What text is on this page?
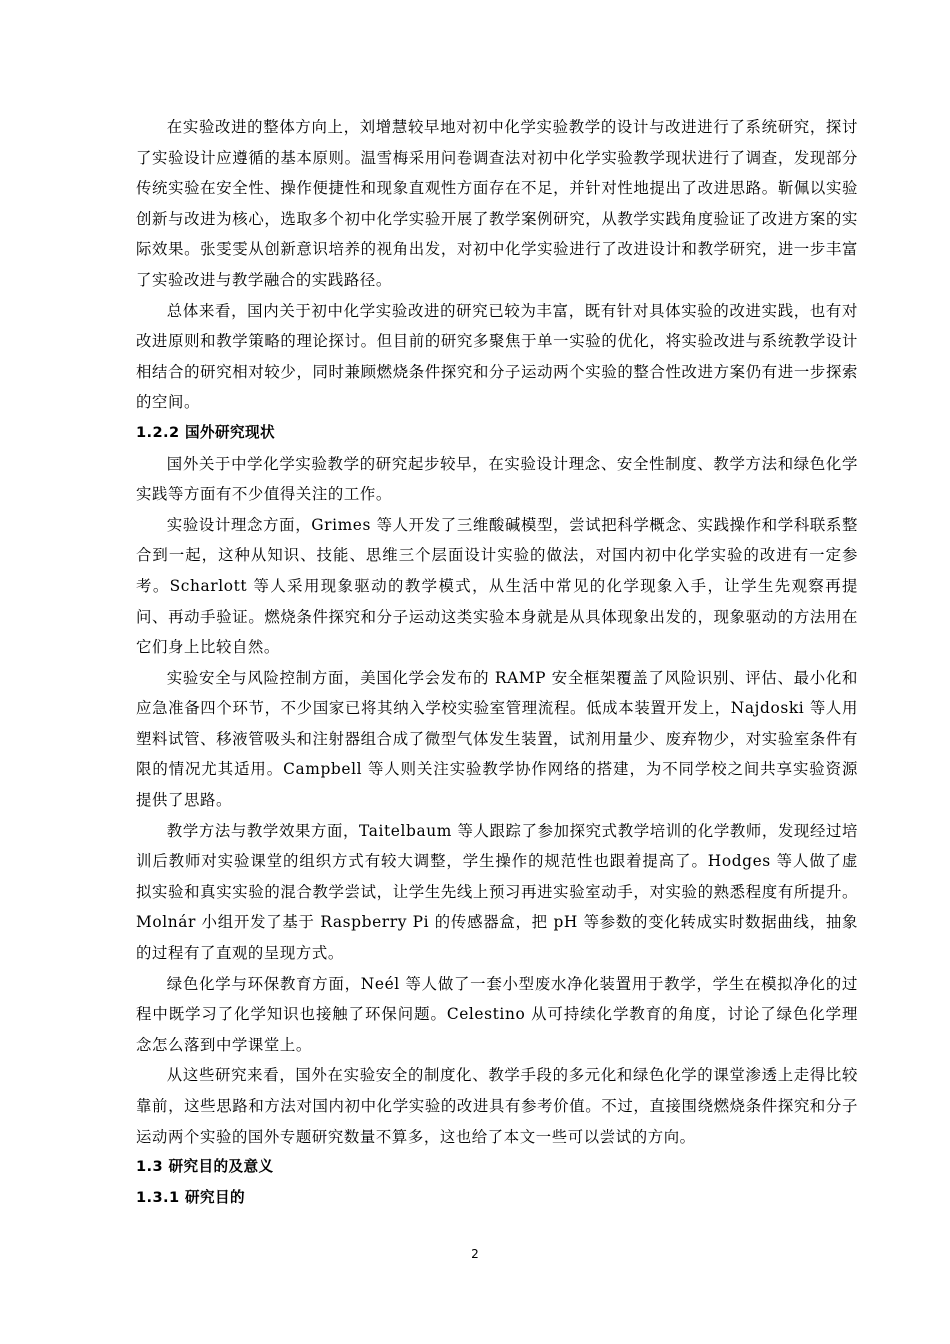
在实验改进的整体方向上，刘增慧较早地对初中化学实验教学的设计与改进进行了系统研究，探讨了实验设计应遵循的基本原则。温雪梅采用问卷调查法对初中化学实验教学现状进行了调查，发现部分传统实验在安全性、操作便捷性和现象直观性方面存在不足，并针对性地提出了改进思路。靳佩以实验创新与改进为核心，选取多个初中化学实验开展了教学案例研究，从教学实践角度验证了改进方案的实际效果。张雯雯从创新意识培养的视角出发，对初中化学实验进行了改进设计和教学研究，进一步丰富了实验改进与教学融合的实践路径。

总体来看，国内关于初中化学实验改进的研究已较为丰富，既有针对具体实验的改进实践，也有对改进原则和教学策略的理论探讨。但目前的研究多聚焦于单一实验的优化，将实验改进与系统教学设计相结合的研究相对较少，同时兼顾燃烧条件探究和分子运动两个实验的整合性改进方案仍有进一步探索的空间。

1.2.2 国外研究现状

国外关于中学化学实验教学的研究起步较早，在实验设计理念、安全性制度、教学方法和绿色化学实践等方面有不少值得关注的工作。

实验设计理念方面，Grimes 等人开发了三维酸碱模型，尝试把科学概念、实践操作和学科联系整合到一起，这种从知识、技能、思维三个层面设计实验的做法，对国内初中化学实验的改进有一定参考。Scharlott 等人采用现象驱动的教学模式，从生活中常见的化学现象入手，让学生先观察再提问、再动手验证。燃烧条件探究和分子运动这类实验本身就是从具体现象出发的，现象驱动的方法用在它们身上比较自然。

实验安全与风险控制方面，美国化学会发布的 RAMP 安全框架覆盖了风险识别、评估、最小化和应急准备四个环节，不少国家已将其纳入学校实验室管理流程。低成本装置开发上，Najdoski 等人用塑料试管、移液管吸头和注射器组合成了微型气体发生装置，试剂用量少、废弃物少，对实验室条件有限的情况尤其适用。Campbell 等人则关注实验教学协作网络的搭建，为不同学校之间共享实验资源提供了思路。

教学方法与教学效果方面，Taitelbaum 等人跟踪了参加探究式教学培训的化学教师，发现经过培训后教师对实验课堂的组织方式有较大调整，学生操作的规范性也跟着提高了。Hodges 等人做了虚拟实验和真实实验的混合教学尝试，让学生先线上预习再进实验室动手，对实验的熟悉程度有所提升。Molnár 小组开发了基于 Raspberry Pi 的传感器盒，把 pH 等参数的变化转成实时数据曲线，抽象的过程有了直观的呈现方式。

绿色化学与环保教育方面，Neél 等人做了一套小型废水净化装置用于教学，学生在模拟净化的过程中既学习了化学知识也接触了环保问题。Celestino 从可持续化学教育的角度，讨论了绿色化学理念怎么落到中学课堂上。

从这些研究来看，国外在实验安全的制度化、教学手段的多元化和绿色化学的课堂渗透上走得比较靠前，这些思路和方法对国内初中化学实验的改进具有参考价值。不过，直接围绕燃烧条件探究和分子运动两个实验的国外专题研究数量不算多，这也给了本文一些可以尝试的方向。

1.3 研究目的及意义
1.3.1 研究目的
2
